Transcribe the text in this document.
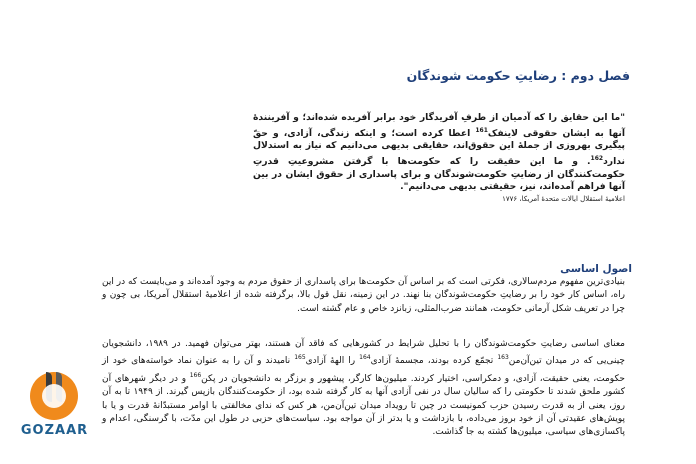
فصل دوم : رضایتِ حکومت شوندگان
"ما این حقایق را که آدمیان از طرفِ آفریدگار خود برابر آفریده شده‌اند؛ و آفرینندۀ آنها به ایشان حقوقی لاینفک$^{161}$ اعطا کرده است؛ و اینکه زندگی، آزادی، و حقّ پیگیری بهروزی از جملۀ این حقوق‌اند، حقایقی بدیهی می‌دانیم که نیاز به استدلال ندارد$^{162}$. و ما این حقیقت را که حکومت‌ها با گرفتن مشروعیتِ قدرتِ حکومت‌کنندگان از رضایتِ حکومت‌شوندگان و برای پاسداری از حقوق ایشان در بین آنها فراهم آمده‌اند، نیز، حقیقتی بدیهی می‌دانیم".
اعلامیۀ استقلال ایالات متحدۀ آمریکا، ۱۷۷۶
اصول اساسی
بنیادی‌ترین مفهوم مردم‌سالاری، فکرتی است که بر اساس آن حکومت‌ها برای پاسداری از حقوق مردم به وجود آمده‌اند و می‌بایست که در این راه، اساس کار خود را بر رضایتِ حکومت‌شوندگان بنا نهند. در این زمینه، نقل قول بالا، برگرفته شده از اعلامیۀ استقلال آمریکا، بی چون و چرا در تعریف شکل آرمانی حکومت، همانند ضرب‌المثلی، زبانزد خاص و عام گشته است.
معنای اساسی رضایتِ حکومت‌شوندگان را با تحلیل شرایط در کشورهایی که فاقد آن هستند، بهتر می‌توان فهمید. در ۱۹۸۹، دانشجویان چینی‌یی که در میدان تین‌آن‌من$^{163}$ تجمّع کرده بودند، مجسمۀ آزادی$^{164}$ را الهۀ آزادی$^{165}$ نامیدند و آن را به عنوان نماد خواسته‌های خود از حکومت، یعنی حقیقت، آزادی، و دمکراسی، اختیار کردند. میلیون‌ها کارگر، پیشهور و برزگر به دانشجویان در پکن$^{166}$ و در دیگر شهرهای آن کشور ملحق شدند تا حکومتی را که سالیان سال در نفی آزادی آنها به کار گرفته شده بود، از حکومت‌کنندگان بازپس گیرند. از ۱۹۴۹ تا به آن روز، یعنی از به قدرت رسیدن حزب کمونیست در چین تا رویداد میدان تین‌آن‌من، هر کس که ندای مخالفتی با اوامر مستبدّانۀ قدرت و یا با پویش‌های عقیدتی آن از خود بروز می‌داده، با بازداشت و یا بدتر از آن مواجه بود. سیاست‌های حزبی در طول این مدّت، با گرسنگی، اعدام و پاکسازی‌های سیاسی، میلیون‌ها کشته به جا گذاشت.
GOZAAR
